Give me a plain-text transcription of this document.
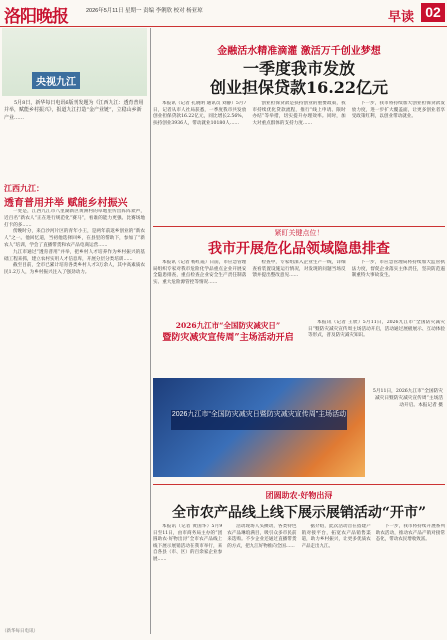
洛阳晚报	2026年5月11日 星期一 责编 李俐欣 校对 杨亚琼	早读 02
央视九江
5月8日，新华每日电讯6版刊发题为《江西九江：透育普用并举，赋能乡村振兴》，报道九江打造“金产业链”，立稳山乡新产业……
江西九江：
透育普用并举 赋能乡村振兴

一处是，江西九江市八里湖新区黄洲村的草地里传出阵阵欢声，近百名“新农人”正在进行规范化“赛马”，看谁的能力更强、比赛场地打卡的多……

傍晚时分，来自沙河片区的青年小王，是两年前返乡创业的“新农人”之一。他回忆道，当初他选择回乡，在县里的帮助下，参加了“新农人”培训，学会了直播带货和农产品电商运营……

九江市通过“透育普用”并举，把乡村人才培养作为乡村振兴的基础工程来抓，建立农村实用人才信息库，开展分层分类培训……

截至目前，全市已累计培育各类乡村人才3万余人，其中高素质农民1.2万人，为乡村振兴注入了强劲动力。

（新华每日电讯）
金融活水精准滴灌 激活万千创业梦想
一季度我市发放
创业担保贷款16.22亿元
本报讯（记者 孔晓明 通讯员 刘静）5月7日，记者从市人社局获悉，一季度我市共发放创业担保贷款16.22亿元，同比增长2.56%，扶持创业3936人，带动就业10180人……
创业担保贷款是扶持创业的重要政策，我市持续优化贷款流程，推行“线上申请、限时办结”等举措，切实提升办理效率。同时，加大对重点群体的支持力度……
下一步，我市将持续加大创业担保贷款发放力度，进一步扩大覆盖面，让更多创业者享受政策红利，以创业带动就业。
紧盯关键点位！
我市开展危化品领域隐患排查
本报讯（记者 杨红霞）日前，市应急管理局组织专家对我市危险化学品重点企业开展安全隐患排查，重点检查企业安全生产责任制落实、重大危险源管控等情况……
检查中，专家组深入企业生产一线，详细查看装置设施运行情况，对发现的问题当场反馈并提出整改意见……
下一步，市应急管理局将持续加大监管执法力度，督促企业落实主体责任，坚决防范遏制重特大事故发生。
2026九江市“全国防灾减灾日”
暨防灾减灾宣传周”主场活动开启
本报讯（记者 王欣）5月11日，2026九江市“全国防灾减灾日”暨防灾减灾宣传周主场活动开启，活动通过展板展示、互动体验等形式，普及防灾减灾知识。
2026九江市“全国防灾减灾日暨防灾减灾宣传周”主场活动
5月11日，2026九江市“全国防灾减灾日暨防灾减灾宣传周”主场活动开启。本报记者 摄
团圆助农·好物出浔
全市农产品线上线下展示展销活动“开市”
本报讯（记者 黄国华）5月9日至11日，由市商务局主办的“团圆助农·好物出浔”全市农产品线上线下展示展销活动在我市举行，来自各县（市、区）的百余家企业参展……
活动现场人头攒动，各类特色农产品琳琅满目，吸引众多市民前来选购。不少企业还通过直播带货的方式，把九江好物推向全国……
据介绍，此次活动旨在搭建产销对接平台，拓宽农产品销售渠道，助力乡村振兴，让更多优质农产品走出九江。
下一步，我市将持续开展系列助农活动，推动农产品产销对接常态化，带动农民增收致富。
